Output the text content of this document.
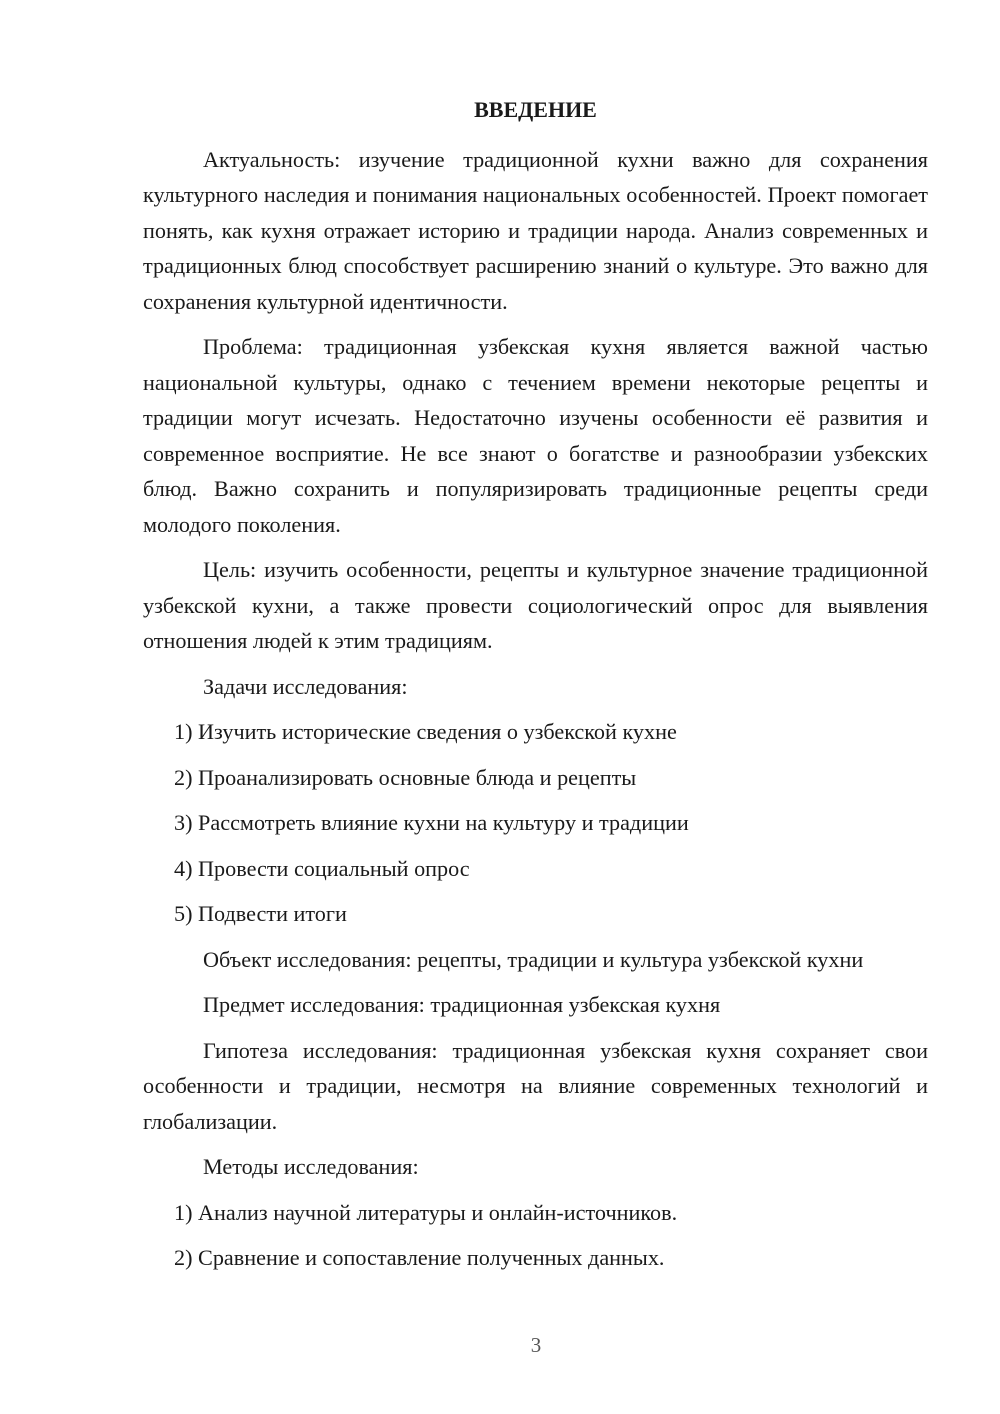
ВВЕДЕНИЕ
Актуальность: изучение традиционной кухни важно для сохранения культурного наследия и понимания национальных особенностей. Проект помогает понять, как кухня отражает историю и традиции народа. Анализ современных и традиционных блюд способствует расширению знаний о культуре. Это важно для сохранения культурной идентичности.
Проблема: традиционная узбекская кухня является важной частью национальной культуры, однако с течением времени некоторые рецепты и традиции могут исчезать. Недостаточно изучены особенности её развития и современное восприятие. Не все знают о богатстве и разнообразии узбекских блюд. Важно сохранить и популяризировать традиционные рецепты среди молодого поколения.
Цель: изучить особенности, рецепты и культурное значение традиционной узбекской кухни, а также провести социологический опрос для выявления отношения людей к этим традициям.
Задачи исследования:
1) Изучить исторические сведения о узбекской кухне
2) Проанализировать основные блюда и рецепты
3) Рассмотреть влияние кухни на культуру и традиции
4) Провести социальный опрос
5) Подвести итоги
Объект исследования: рецепты, традиции и культура узбекской кухни
Предмет исследования: традиционная узбекская кухня
Гипотеза исследования: традиционная узбекская кухня сохраняет свои особенности и традиции, несмотря на влияние современных технологий и глобализации.
Методы исследования:
1) Анализ научной литературы и онлайн-источников.
2) Сравнение и сопоставление полученных данных.
3
